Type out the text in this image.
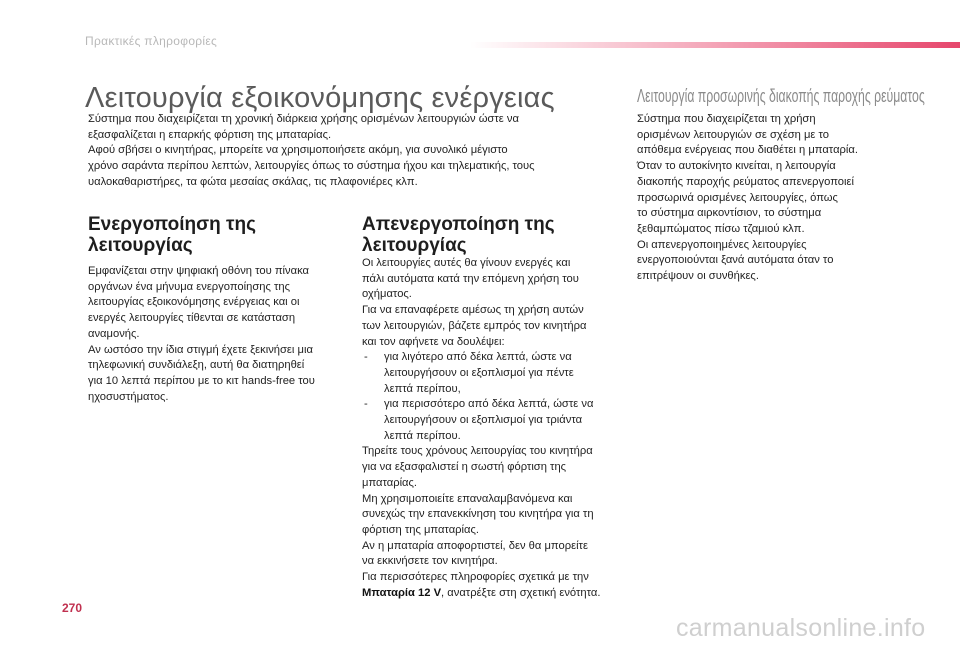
Πρακτικές πληροφορίες
Λειτουργία εξοικονόμησης ενέργειας	Λειτουργία προσωρινής διακοπής παροχής ρεύματος

Σύστημα που διαχειρίζεται τη χρονική διάρκεια χρήσης ορισμένων λειτουργιών ώστε να

εξασφαλίζεται η επαρκής φόρτιση της μπαταρίας.

Αφού σβήσει ο κινητήρας, μπορείτε να χρησιμοποιήσετε ακόμη, για συνολικό μέγιστο

χρόνο σαράντα περίπου λεπτών, λειτουργίες όπως το σύστημα ήχου και τηλεματικής, τους

υαλοκαθαριστήρες, τα φώτα μεσαίας σκάλας, τις πλαφονιέρες κλπ.

Ενεργοποίηση της λειτουργίας

Εμφανίζεται στην ψηφιακή οθόνη του πίνακα

οργάνων ένα μήνυμα ενεργοποίησης της

λειτουργίας εξοικονόμησης ενέργειας και οι

ενεργές λειτουργίες τίθενται σε κατάσταση

αναμονής.

Αν ωστόσο την ίδια στιγμή έχετε ξεκινήσει μια

τηλεφωνική συνδιάλεξη, αυτή θα διατηρηθεί

για 10 λεπτά περίπου με το κιτ hands-free του

ηχοσυστήματος.

Απενεργοποίηση της λειτουργίας

Οι λειτουργίες αυτές θα γίνουν ενεργές και

πάλι αυτόματα κατά την επόμενη χρήση του

οχήματος.

Για να επαναφέρετε αμέσως τη χρήση αυτών

των λειτουργιών, βάζετε εμπρός τον κινητήρα

και τον αφήνετε να δουλέψει:

- για λιγότερο από δέκα λεπτά, ώστε να
λειτουργήσουν οι εξοπλισμοί για πέντε
λεπτά περίπου,
- για περισσότερο από δέκα λεπτά, ώστε να
λειτουργήσουν οι εξοπλισμοί για τριάντα
λεπτά περίπου.

Τηρείτε τους χρόνους λειτουργίας του κινητήρα

για να εξασφαλιστεί η σωστή φόρτιση της

μπαταρίας.

Μη χρησιμοποιείτε επαναλαμβανόμενα και

συνεχώς την επανεκκίνηση του κινητήρα για τη

φόρτιση της μπαταρίας.

Αν η μπαταρία αποφορτιστεί, δεν θα μπορείτε

να εκκινήσετε τον κινητήρα.

Για περισσότερες πληροφορίες σχετικά με την

Μπαταρία 12 V, ανατρέξτε στη σχετική ενότητα.

Σύστημα που διαχειρίζεται τη χρήση

ορισμένων λειτουργιών σε σχέση με το

απόθεμα ενέργειας που διαθέτει η μπαταρία.

Όταν το αυτοκίνητο κινείται, η λειτουργία

διακοπής παροχής ρεύματος απενεργοποιεί

προσωρινά ορισμένες λειτουργίες, όπως

το σύστημα αιρκοντίσιον, το σύστημα

ξεθαμπώματος πίσω τζαμιού κλπ.

Οι απενεργοποιημένες λειτουργίες

ενεργοποιούνται ξανά αυτόματα όταν το

επιτρέψουν οι συνθήκες.

270
carmanualsonline.info
